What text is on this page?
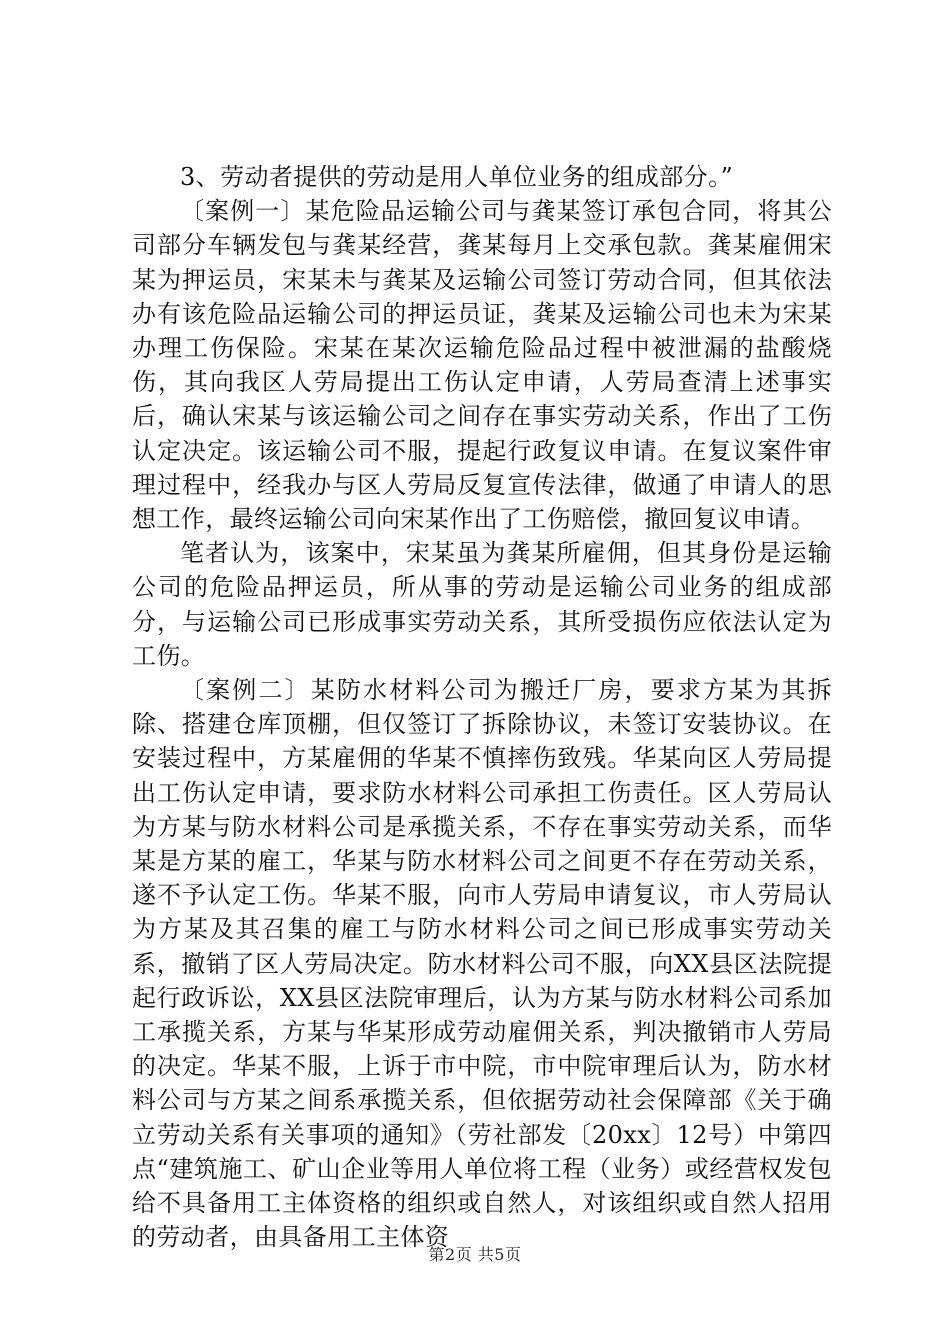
3、劳动者提供的劳动是用人单位业务的组成部分。”

〔案例一〕某危险品运输公司与龚某签订承包合同，将其公司部分车辆发包与龚某经营，龚某每月上交承包款。龚某雇佣宋某为押运员，宋某未与龚某及运输公司签订劳动合同，但其依法办有该危险品运输公司的押运员证，龚某及运输公司也未为宋某办理工伤保险。宋某在某次运输危险品过程中被泄漏的盐酸烧伤，其向我区人劳局提出工伤认定申请，人劳局查清上述事实后，确认宋某与该运输公司之间存在事实劳动关系，作出了工伤认定决定。该运输公司不服，提起行政复议申请。在复议案件审理过程中，经我办与区人劳局反复宣传法律，做通了申请人的思想工作，最终运输公司向宋某作出了工伤赔偿，撤回复议申请。

笔者认为，该案中，宋某虽为龚某所雇佣，但其身份是运输公司的危险品押运员，所从事的劳动是运输公司业务的组成部分，与运输公司已形成事实劳动关系，其所受损伤应依法认定为工伤。

〔案例二〕某防水材料公司为搬迁厂房，要求方某为其拆除、搭建仓库顶棚，但仅签订了拆除协议，未签订安装协议。在安装过程中，方某雇佣的华某不慎摔伤致残。华某向区人劳局提出工伤认定申请，要求防水材料公司承担工伤责任。区人劳局认为方某与防水材料公司是承揽关系，不存在事实劳动关系，而华某是方某的雇工，华某与防水材料公司之间更不存在劳动关系，遂不予认定工伤。华某不服，向市人劳局申请复议，市人劳局认为方某及其召集的雇工与防水材料公司之间已形成事实劳动关系，撤销了区人劳局决定。防水材料公司不服，向XX县区法院提起行政诉讼，XX县区法院审理后，认为方某与防水材料公司系加工承揽关系，方某与华某形成劳动雇佣关系，判决撤销市人劳局的决定。华某不服，上诉于市中院，市中院审理后认为，防水材料公司与方某之间系承揽关系，但依据劳动社会保障部《关于确立劳动关系有关事项的通知》（劳社部发〔20xx〕12号）中第四点“建筑施工、矿山企业等用人单位将工程（业务）或经营权发包给不具备用工主体资格的组织或自然人，对该组织或自然人招用的劳动者，由具备用工主体资

第2页 共5页
